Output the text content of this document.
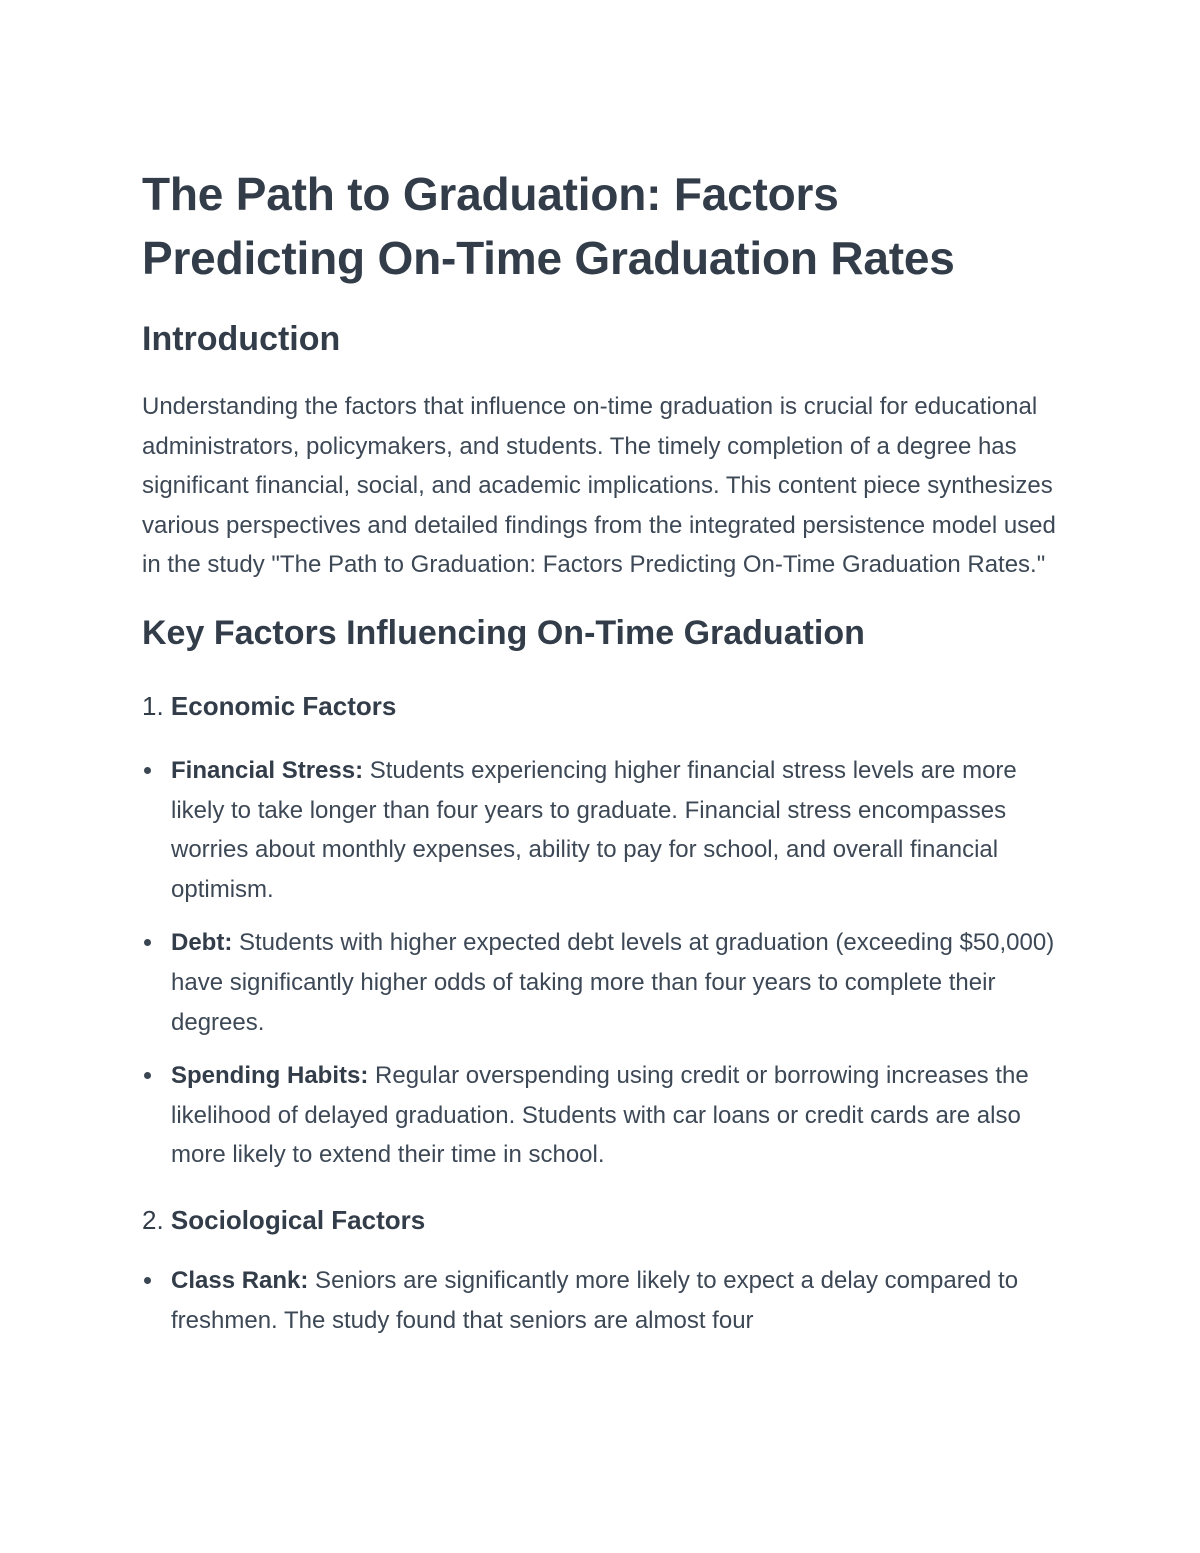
The Path to Graduation: Factors Predicting On-Time Graduation Rates
Introduction

Understanding the factors that influence on-time graduation is crucial for educational administrators, policymakers, and students. The timely completion of a degree has significant financial, social, and academic implications. This content piece synthesizes various perspectives and detailed findings from the integrated persistence model used in the study "The Path to Graduation: Factors Predicting On-Time Graduation Rates."

Key Factors Influencing On-Time Graduation
1. Economic Factors
Financial Stress: Students experiencing higher financial stress levels are more likely to take longer than four years to graduate. Financial stress encompasses worries about monthly expenses, ability to pay for school, and overall financial optimism.
Debt: Students with higher expected debt levels at graduation (exceeding $50,000) have significantly higher odds of taking more than four years to complete their degrees.
Spending Habits: Regular overspending using credit or borrowing increases the likelihood of delayed graduation. Students with car loans or credit cards are also more likely to extend their time in school.
2. Sociological Factors
Class Rank: Seniors are significantly more likely to expect a delay compared to freshmen. The study found that seniors are almost four
